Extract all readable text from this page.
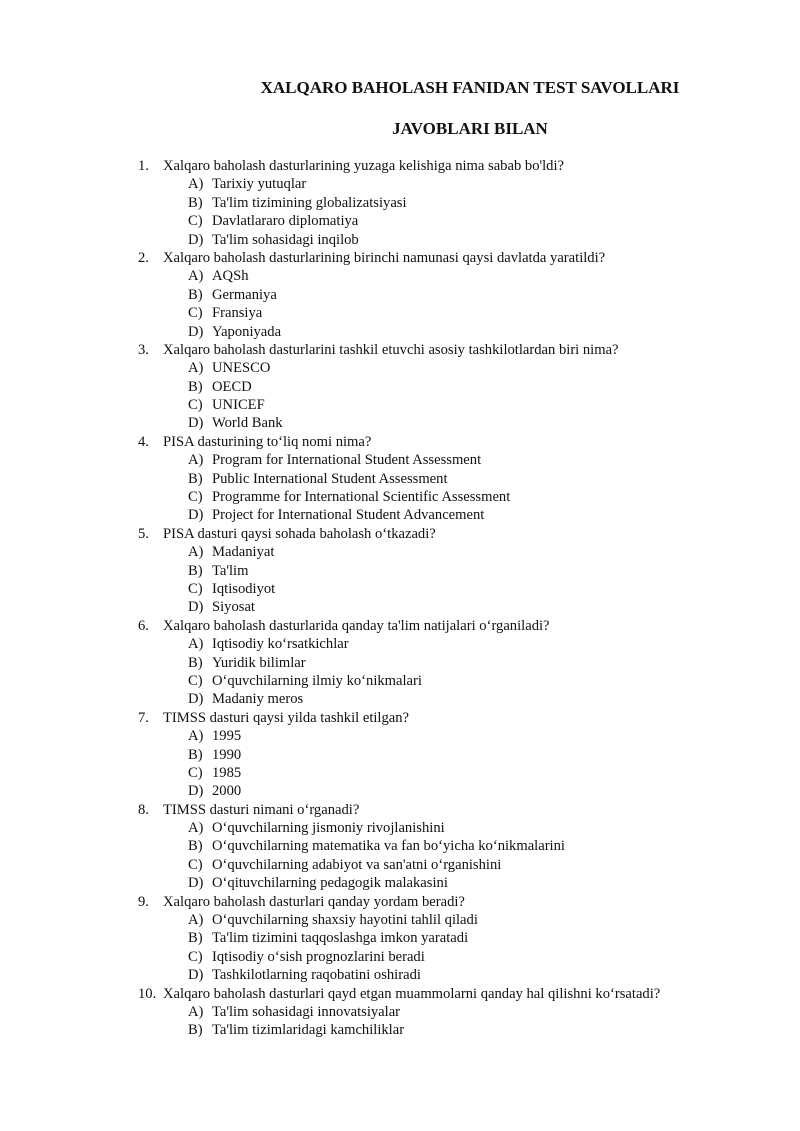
XALQARO BAHOLASH FANIDAN TEST SAVOLLARI
JAVOBLARI BILAN
1. Xalqaro baholash dasturlarining yuzaga kelishiga nima sabab bo'ldi?
A) Tarixiy yutuqlar
B) Ta'lim tizimining globalizatsiyasi
C) Davlatlararo diplomatiya
D) Ta'lim sohasidagi inqilob
2. Xalqaro baholash dasturlarining birinchi namunasi qaysi davlatda yaratildi?
A) AQSh
B) Germaniya
C) Fransiya
D) Yaponiyada
3. Xalqaro baholash dasturlarini tashkil etuvchi asosiy tashkilotlardan biri nima?
A) UNESCO
B) OECD
C) UNICEF
D) World Bank
4. PISA dasturining to‘liq nomi nima?
A) Program for International Student Assessment
B) Public International Student Assessment
C) Programme for International Scientific Assessment
D) Project for International Student Advancement
5. PISA dasturi qaysi sohada baholash o‘tkazadi?
A) Madaniyat
B) Ta'lim
C) Iqtisodiyot
D) Siyosat
6. Xalqaro baholash dasturlarida qanday ta'lim natijalari o‘rganiladi?
A) Iqtisodiy ko‘rsatkichlar
B) Yuridik bilimlar
C) O‘quvchilarning ilmiy ko‘nikmalari
D) Madaniy meros
7. TIMSS dasturi qaysi yilda tashkil etilgan?
A) 1995
B) 1990
C) 1985
D) 2000
8. TIMSS dasturi nimani o‘rganadi?
A) O‘quvchilarning jismoniy rivojlanishini
B) O‘quvchilarning matematika va fan bo‘yicha ko‘nikmalarini
C) O‘quvchilarning adabiyot va san'atni o‘rganishini
D) O‘qituvchilarning pedagogik malakasini
9. Xalqaro baholash dasturlari qanday yordam beradi?
A) O‘quvchilarning shaxsiy hayotini tahlil qiladi
B) Ta'lim tizimini taqqoslashga imkon yaratadi
C) Iqtisodiy o‘sish prognozlarini beradi
D) Tashkilotlarning raqobatini oshiradi
10. Xalqaro baholash dasturlari qayd etgan muammolarni qanday hal qilishni ko‘rsatadi?
A) Ta'lim sohasidagi innovatsiyalar
B) Ta'lim tizimlaridagi kamchiliklar
